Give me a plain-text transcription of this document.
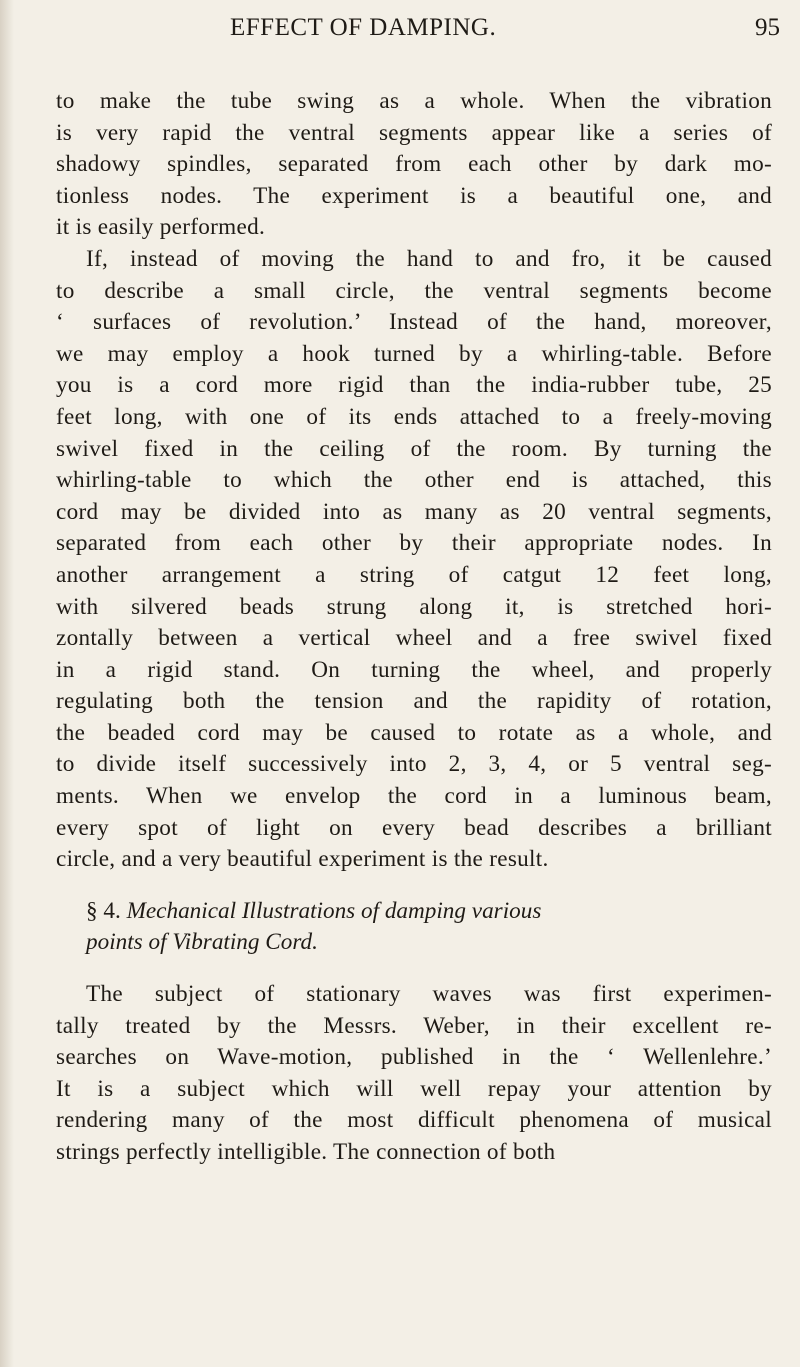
EFFECT OF DAMPING.	95
to make the tube swing as a whole. When the vibration
is very rapid the ventral segments appear like a series of
shadowy spindles, separated from each other by dark mo-
tionless nodes. The experiment is a beautiful one, and
it is easily performed.
If, instead of moving the hand to and fro, it be caused
to describe a small circle, the ventral segments become
‘ surfaces of revolution.’ Instead of the hand, moreover,
we may employ a hook turned by a whirling-table. Before
you is a cord more rigid than the india-rubber tube, 25
feet long, with one of its ends attached to a freely-moving
swivel fixed in the ceiling of the room. By turning the
whirling-table to which the other end is attached, this
cord may be divided into as many as 20 ventral segments,
separated from each other by their appropriate nodes. In
another arrangement a string of catgut 12 feet long,
with silvered beads strung along it, is stretched hori-
zontally between a vertical wheel and a free swivel fixed
in a rigid stand. On turning the wheel, and properly
regulating both the tension and the rapidity of rotation,
the beaded cord may be caused to rotate as a whole, and
to divide itself successively into 2, 3, 4, or 5 ventral seg-
ments. When we envelop the cord in a luminous beam,
every spot of light on every bead describes a brilliant
circle, and a very beautiful experiment is the result.
§ 4. Mechanical Illustrations of damping various
points of Vibrating Cord.
The subject of stationary waves was first experimen-
tally treated by the Messrs. Weber, in their excellent re-
searches on Wave-motion, published in the ‘ Wellenlehre.’
It is a subject which will well repay your attention by
rendering many of the most difficult phenomena of musical
strings perfectly intelligible. The connection of both
